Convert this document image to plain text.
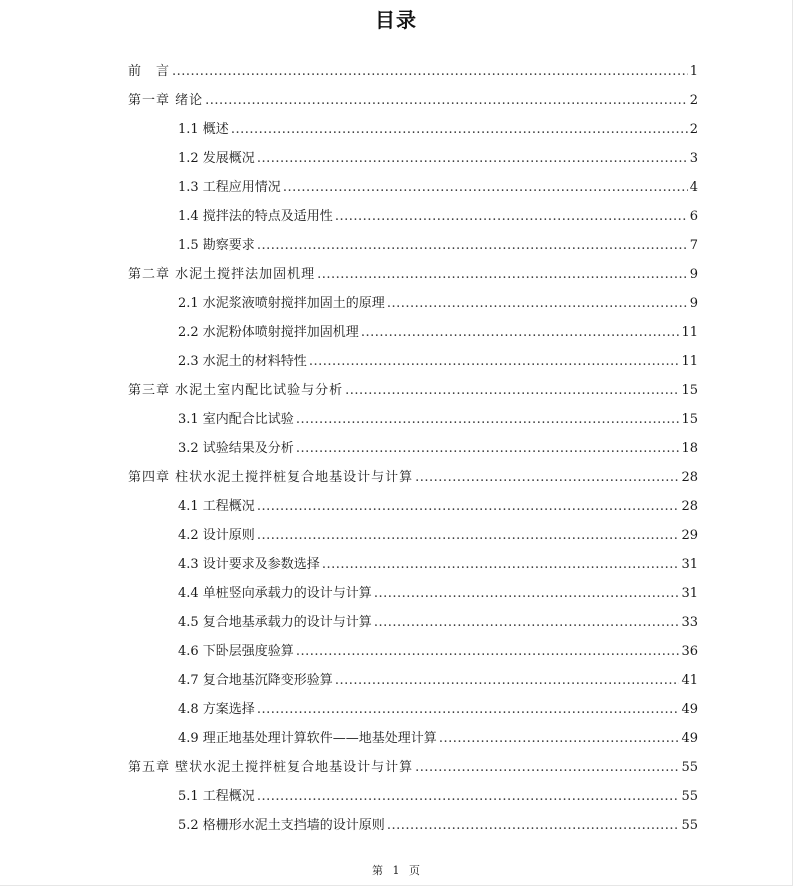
目录
前　言 .....	1
第一章 绪论 .....	2
1.1 概述 .....	2
1.2 发展概况 .....	3
1.3 工程应用情况 .....	4
1.4 搅拌法的特点及适用性 .....	6
1.5 勘察要求 .....	7
第二章 水泥土搅拌法加固机理 .....	9
2.1 水泥浆液喷射搅拌加固土的原理 .....	9
2.2 水泥粉体喷射搅拌加固机理 .....	11
2.3 水泥土的材料特性 .....	11
第三章 水泥土室内配比试验与分析 .....	15
3.1 室内配合比试验 .....	15
3.2 试验结果及分析 .....	18
第四章 柱状水泥土搅拌桩复合地基设计与计算 .....	28
4.1 工程概况 .....	28
4.2 设计原则 .....	29
4.3 设计要求及参数选择 .....	31
4.4 单桩竖向承载力的设计与计算 .....	31
4.5 复合地基承载力的设计与计算 .....	33
4.6 下卧层强度验算 .....	36
4.7 复合地基沉降变形验算 .....	41
4.8 方案选择 .....	49
4.9 理正地基处理计算软件——地基处理计算 .....	49
第五章 壁状水泥土搅拌桩复合地基设计与计算 .....	55
5.1 工程概况 .....	55
5.2 格栅形水泥土支挡墙的设计原则 .....	55
第 1 页
